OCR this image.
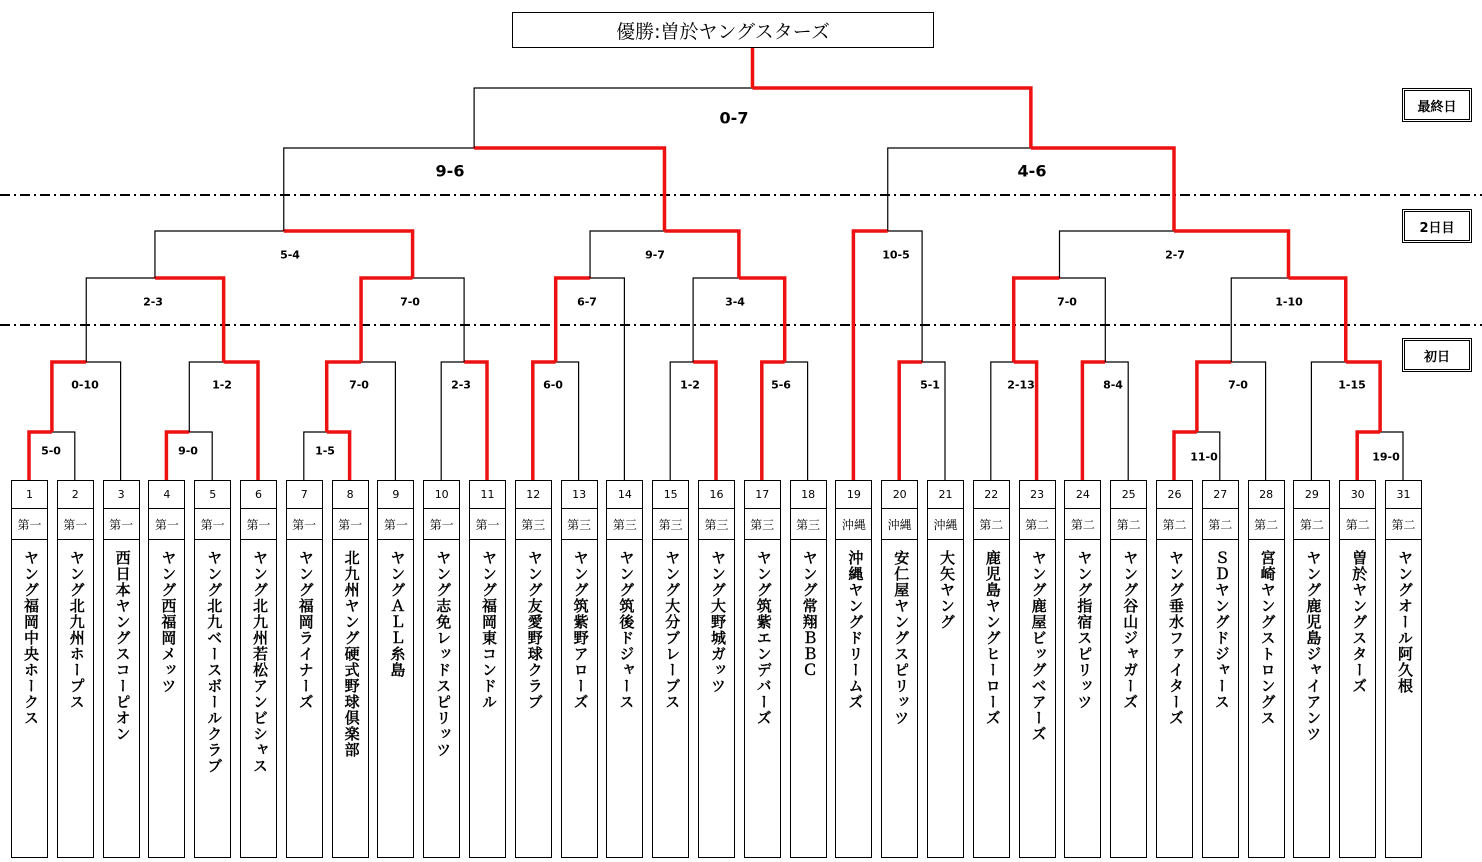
優勝:曽於ヤングスターズ
最終日
2日目
初日
5-0	9-0	1-5	11-0	19-0
0-10	1-2	7-0	2-3	6-0	1-2	5-6	5-1	2-13	8-4	7-0	1-15
2-3	7-0	6-7	3-4	7-0	1-10
5-4	9-7	10-5	2-7
9-6	4-6
0-7
1
第一
ヤング福岡中央ホークス
2
第一
ヤング北九州ホープス
3
第一
西日本ヤングスコーピオン
4
第一
ヤング西福岡メッツ
5
第一
ヤング北九ベースボールクラブ
6
第一
ヤング北九州若松アンビシャス
7
第一
ヤング福岡ライナーズ
8
第一
北九州ヤング硬式野球倶楽部
9
第一
ヤングＡＬＬ糸島
10
第一
ヤング志免レッドスピリッツ
11
第一
ヤング福岡東コンドル
12
第三
ヤング友愛野球クラブ
13
第三
ヤング筑紫野アローズ
14
第三
ヤング筑後ドジャース
15
第三
ヤング大分ブレーブス
16
第三
ヤング大野城ガッツ
17
第三
ヤング筑紫エンデバーズ
18
第三
ヤング常翔ＢＢＣ
19
沖縄
沖縄ヤングドリームズ
20
沖縄
安仁屋ヤングスピリッツ
21
沖縄
大矢ヤング
22
第二
鹿児島ヤングヒーローズ
23
第二
ヤング鹿屋ビッグベアーズ
24
第二
ヤング指宿スピリッツ
25
第二
ヤング谷山ジャガーズ
26
第二
ヤング垂水ファイターズ
27
第二
ＳＤヤングドジャース
28
第二
宮崎ヤングストロングス
29
第二
ヤング鹿児島ジャイアンツ
30
第二
曽於ヤングスターズ
31
第二
ヤングオール阿久根
